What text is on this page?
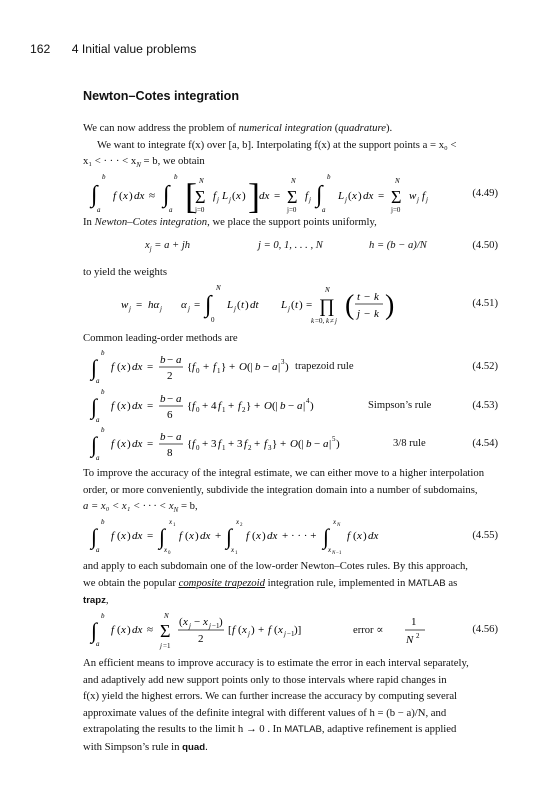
162 4 Initial value problems
Newton–Cotes integration
We can now address the problem of numerical integration (quadrature).
We want to integrate f(x) over [a, b]. Interpolating f(x) at the support points a = x₀ <
x₁ < · · · < $x_N = b$, we obtain
∫
b
a
f ( x ) dx ≈ ∫
b
a [
Σ
N
j=0
f j L j ( x ) ] dx = Σ
N
j=0
f j ∫
b
a
L j ( x ) dx = Σ
N
j=0
w j f j
(4.49)
In Newton–Cotes integration, we place the support points uniformly,
$x_j = a$ + jh	j = 0, 1, . . . , N	h = (b − a)/N	(4.50)
to yield the weights
w j = hα j α j = ∫
N
0
L j ( t ) dt L j ( t ) = ∏
N
k =0, k ≠ j ( t − k
j − k )	(4.51)
Common leading-order methods are
∫
b
a
f ( x ) dx =
b − a
2
{ f 0 + f 1 } + O (| b − a | 3 ) trapezoid rule	(4.52)
∫
b
a
f ( x ) dx =
b − a
6
{ f 0 + 4 f 1 + f 2 } + O (| b − a | 4 )	Simpson’s rule	(4.53)
∫
b
a
f ( x ) dx =
b − a
8
{ f 0 + 3 f 1 + 3 f 2 + f 3 } + O (| b − a | 5 )	3/8 rule	(4.54)
To improve the accuracy of the integral estimate, we can either move to a higher interpolation
order, or more conveniently, subdivide the integration domain into a number of subdomains,
a = x₀ < x₁ < · · · < $x_N = b$,
∫
b
a
f ( x ) dx = ∫
x 1
x 0
f ( x ) dx + ∫
x 2
x 1
f ( x ) dx + · · · + ∫
x N
x N −1
f ( x ) dx	(4.55)
and apply to each subdomain one of the low-order Newton–Cotes rules. By this approach,
we obtain the popular composite trapezoid integration rule, implemented in MATLAB as
trapz,
∫
b
a
f ( x ) dx ≈ Σ
N
j =1
( x j − x j −1 )
2
[ f ( x j ) + f ( x j −1 )]	error ∝
1
N 2
(4.56)
An efficient means to improve accuracy is to estimate the error in each interval separately,
and adaptively add new support points only to those intervals where rapid changes in
f(x) yield the highest errors. We can further increase the accuracy by computing several
approximate values of the definite integral with different values of h = (b − a)/N, and
extrapolating the results to the limit h → 0 . In MATLAB, adaptive refinement is applied
with Simpson’s rule in quad.
